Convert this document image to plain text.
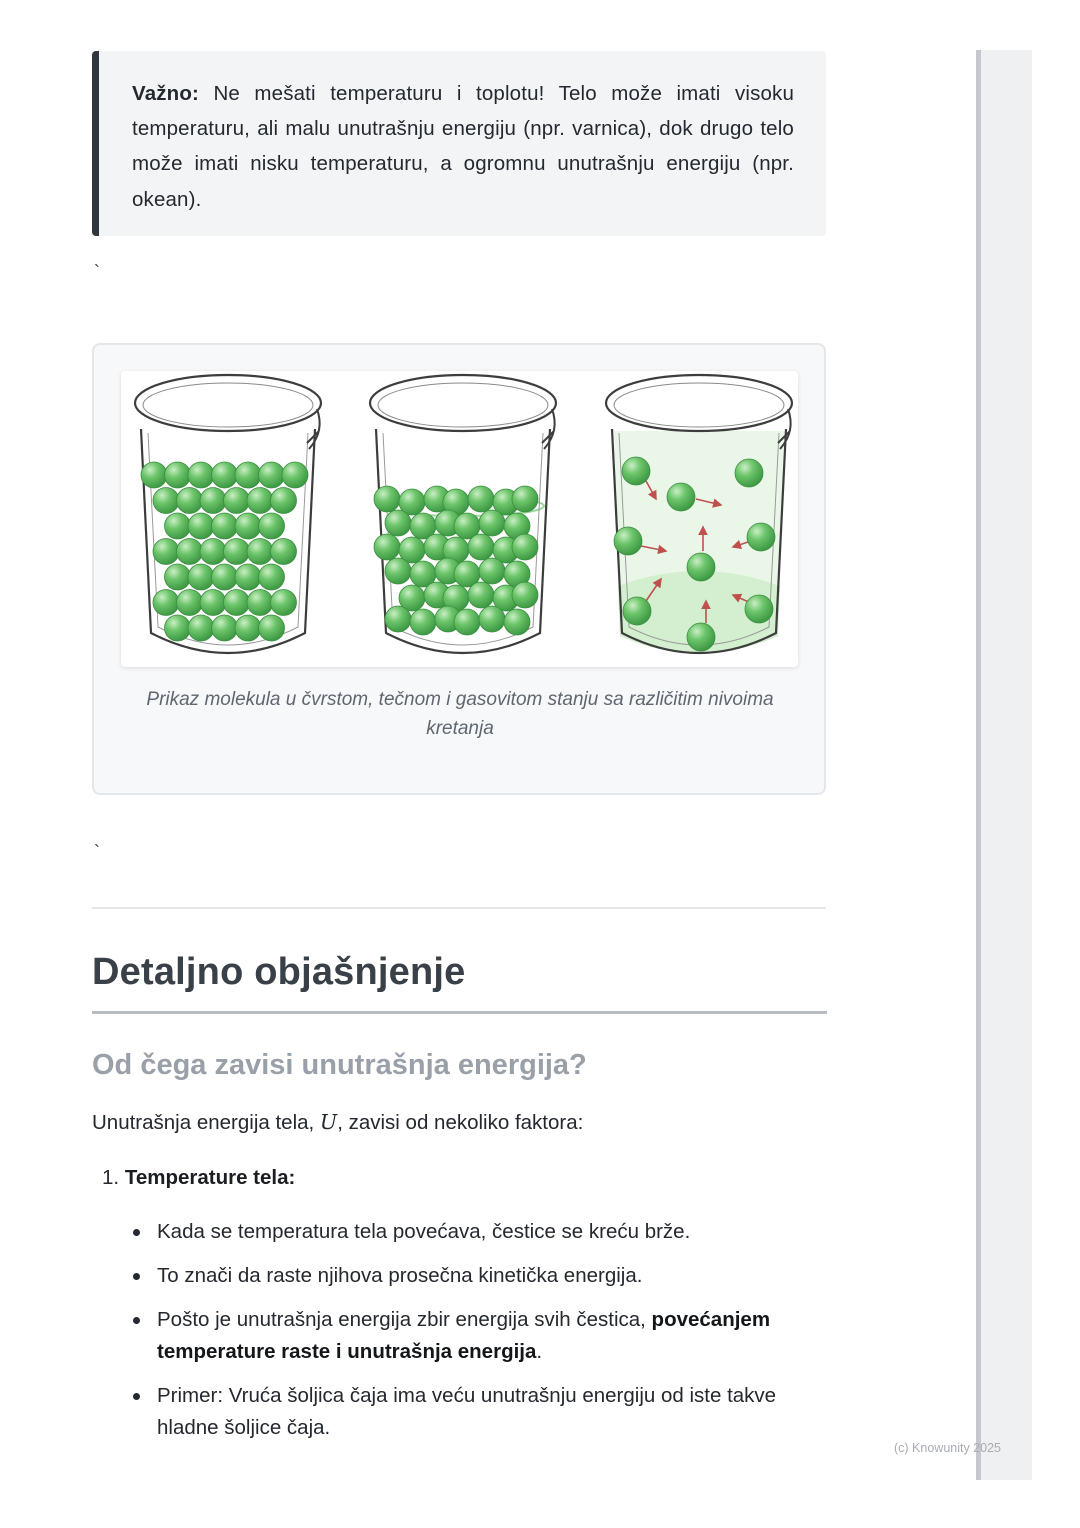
Važno: Ne mešati temperaturu i toplotu! Telo može imati visoku temperaturu, ali malu unutrašnju energiju (npr. varnica), dok drugo telo može imati nisku temperaturu, a ogromnu unutrašnju energiju (npr. okean).

`
Prikaz molekula u čvrstom, tečnom i gasovitom stanju sa različitim nivoima kretanja
`
Detaljno objašnjenje
Od čega zavisi unutrašnja energija?

Unutrašnja energija tela, U, zavisi od nekoliko faktora:

1. Temperature tela:
Kada se temperatura tela povećava, čestice se kreću brže.
To znači da raste njihova prosečna kinetička energija.
Pošto je unutrašnja energija zbir energija svih čestica, povećanjem temperature raste i unutrašnja energija.
Primer: Vruća šoljica čaja ima veću unutrašnju energiju od iste takve hladne šoljice čaja.
(c) Knowunity 2025
